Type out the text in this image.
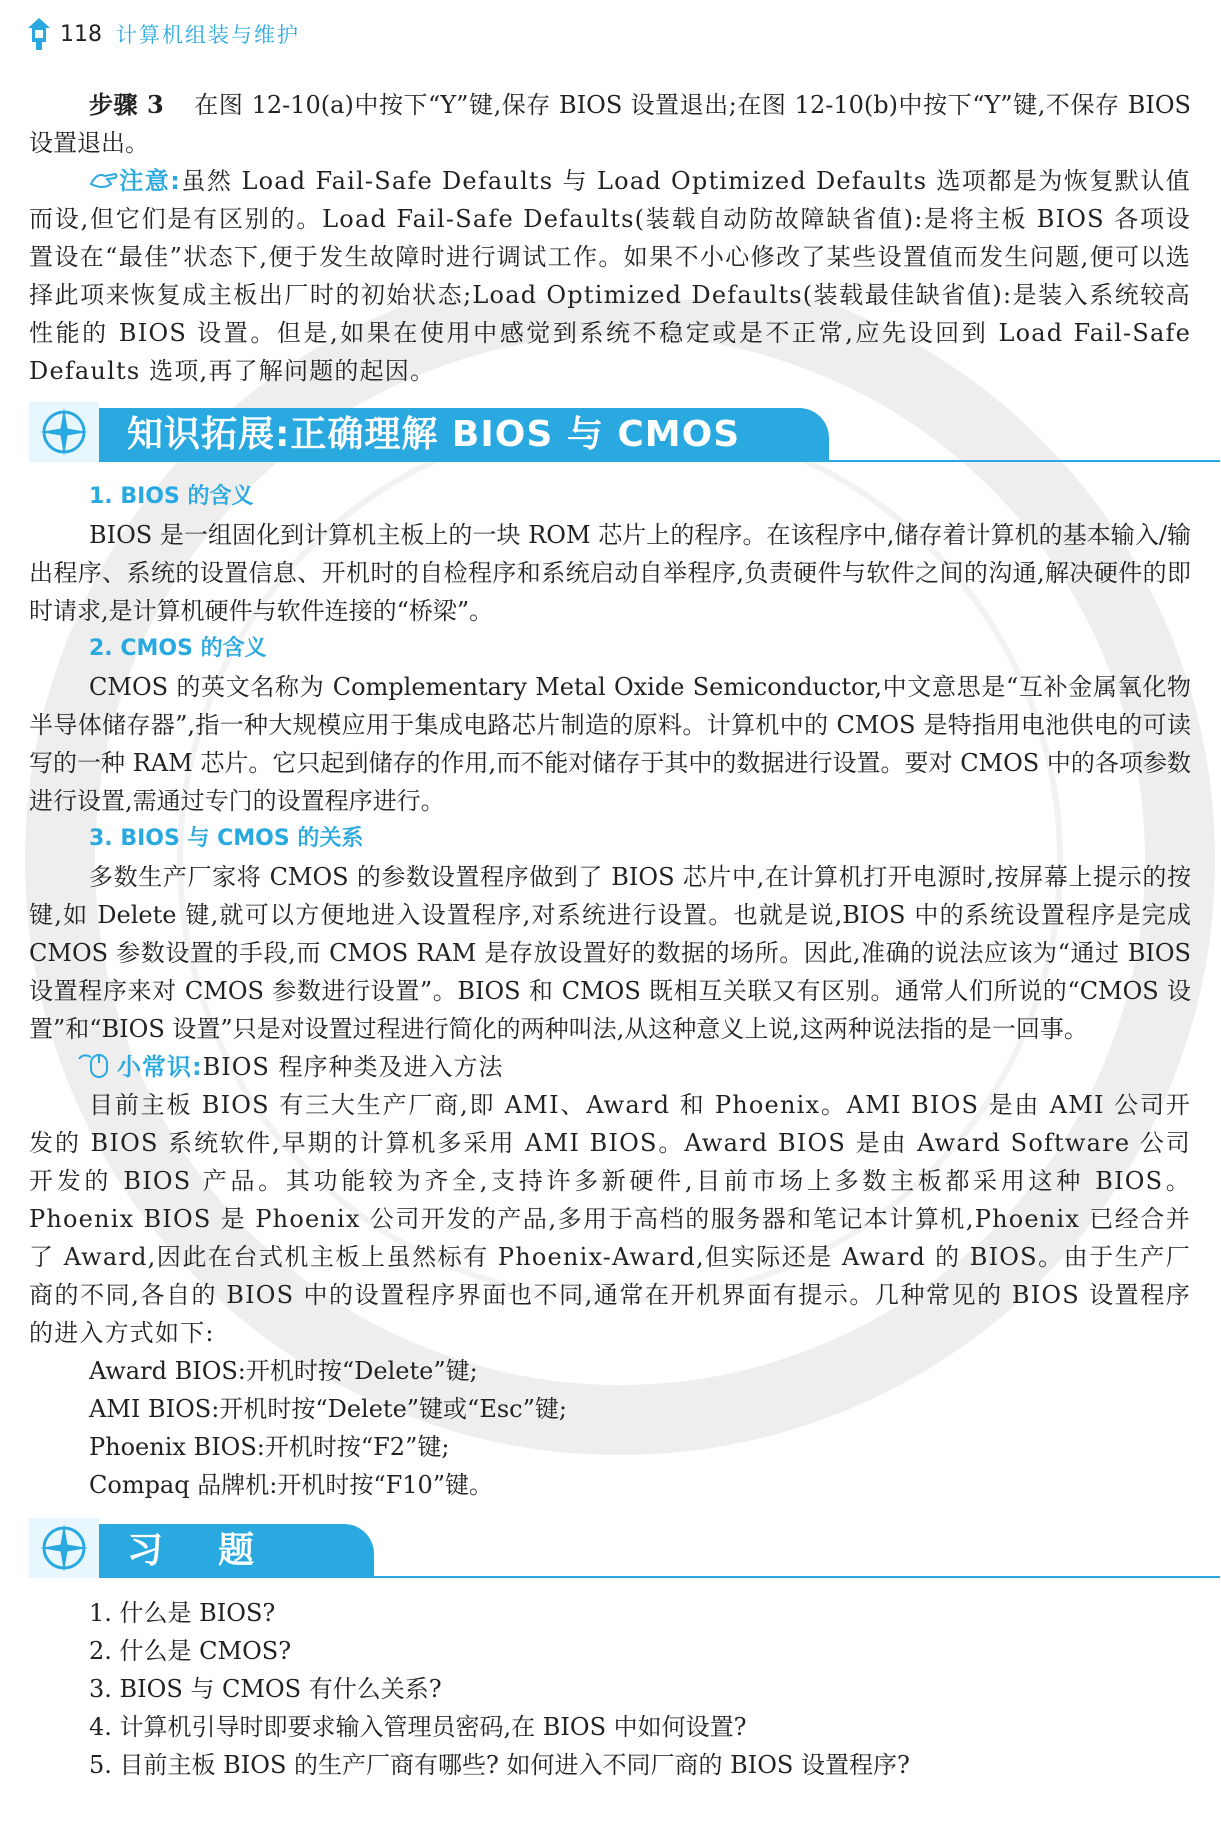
118 计算机组装与维护

步骤 3 在图 12-10(a)中按下“Y”键,保存 BIOS 设置退出;在图 12-10(b)中按下“Y”键,不保存 BIOS 设置退出。

注意:虽然 Load Fail-Safe Defaults 与 Load Optimized Defaults 选项都是为恢复默认值而设,但它们是有区别的。Load Fail-Safe Defaults(装载自动防故障缺省值):是将主板 BIOS 各项设置设在“最佳”状态下,便于发生故障时进行调试工作。如果不小心修改了某些设置值而发生问题,便可以选择此项来恢复成主板出厂时的初始状态;Load Optimized Defaults(装载最佳缺省值):是装入系统较高性能的 BIOS 设置。但是,如果在使用中感觉到系统不稳定或是不正常,应先设回到 Load Fail-Safe Defaults 选项,再了解问题的起因。

知识拓展:正确理解 BIOS 与 CMOS
1. BIOS 的含义

BIOS 是一组固化到计算机主板上的一块 ROM 芯片上的程序。在该程序中,储存着计算机的基本输入/输出程序、系统的设置信息、开机时的自检程序和系统启动自举程序,负责硬件与软件之间的沟通,解决硬件的即时请求,是计算机硬件与软件连接的“桥梁”。

2. CMOS 的含义

CMOS 的英文名称为 Complementary Metal Oxide Semiconductor,中文意思是“互补金属氧化物半导体储存器”,指一种大规模应用于集成电路芯片制造的原料。计算机中的 CMOS 是特指用电池供电的可读写的一种 RAM 芯片。它只起到储存的作用,而不能对储存于其中的数据进行设置。要对 CMOS 中的各项参数进行设置,需通过专门的设置程序进行。

3. BIOS 与 CMOS 的关系

多数生产厂家将 CMOS 的参数设置程序做到了 BIOS 芯片中,在计算机打开电源时,按屏幕上提示的按键,如 Delete 键,就可以方便地进入设置程序,对系统进行设置。也就是说,BIOS 中的系统设置程序是完成 CMOS 参数设置的手段,而 CMOS RAM 是存放设置好的数据的场所。因此,准确的说法应该为“通过 BIOS 设置程序来对 CMOS 参数进行设置”。BIOS 和 CMOS 既相互关联又有区别。通常人们所说的“CMOS 设置”和“BIOS 设置”只是对设置过程进行简化的两种叫法,从这种意义上说,这两种说法指的是一回事。

小常识:BIOS 程序种类及进入方法

目前主板 BIOS 有三大生产厂商,即 AMI、Award 和 Phoenix。AMI BIOS 是由 AMI 公司开发的 BIOS 系统软件,早期的计算机多采用 AMI BIOS。Award BIOS 是由 Award Software 公司开发的 BIOS 产品。其功能较为齐全,支持许多新硬件,目前市场上多数主板都采用这种 BIOS。Phoenix BIOS 是 Phoenix 公司开发的产品,多用于高档的服务器和笔记本计算机,Phoenix 已经合并了 Award,因此在台式机主板上虽然标有 Phoenix-Award,但实际还是 Award 的 BIOS。由于生产厂商的不同,各自的 BIOS 中的设置程序界面也不同,通常在开机界面有提示。几种常见的 BIOS 设置程序的进入方式如下:

Award BIOS:开机时按“Delete”键;

AMI BIOS:开机时按“Delete”键或“Esc”键;

Phoenix BIOS:开机时按“F2”键;

Compaq 品牌机:开机时按“F10”键。

习  题

1. 什么是 BIOS?

2. 什么是 CMOS?

3. BIOS 与 CMOS 有什么关系?

4. 计算机引导时即要求输入管理员密码,在 BIOS 中如何设置?

5. 目前主板 BIOS 的生产厂商有哪些? 如何进入不同厂商的 BIOS 设置程序?
